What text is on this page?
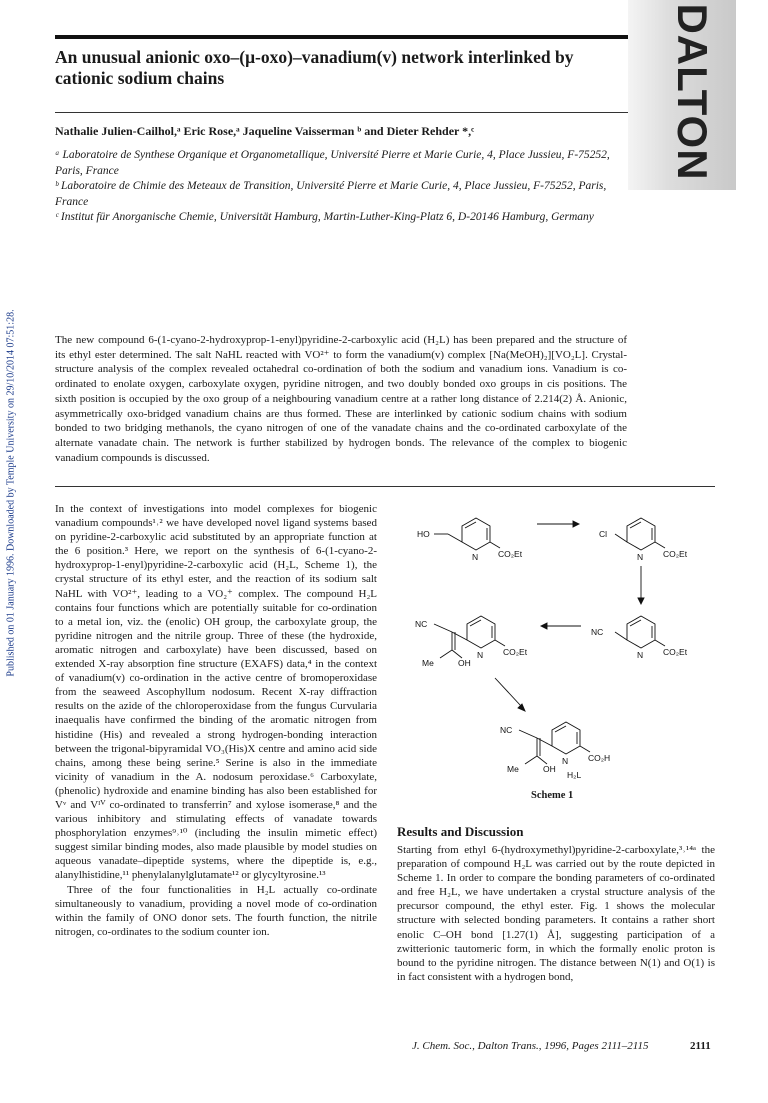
Published on 01 January 1996. Downloaded by Temple University on 29/10/2014 07:51:28.
DALTON
An unusual anionic oxo–(μ-oxo)–vanadium(v) network interlinked by cationic sodium chains
Nathalie Julien-Cailhol,ᵃ Eric Rose,ᵃ Jaqueline Vaisserman ᵇ and Dieter Rehder *,ᶜ

ᵃ Laboratoire de Synthese Organique et Organometallique, Université Pierre et Marie Curie, 4, Place Jussieu, F-75252, Paris, France

ᵇ Laboratoire de Chimie des Meteaux de Transition, Université Pierre et Marie Curie, 4, Place Jussieu, F-75252, Paris, France

ᶜ Institut für Anorganische Chemie, Universität Hamburg, Martin-Luther-King-Platz 6, D-20146 Hamburg, Germany

The new compound 6-(1-cyano-2-hydroxyprop-1-enyl)pyridine-2-carboxylic acid (H₂L) has been prepared and the structure of its ethyl ester determined. The salt NaHL reacted with VO²⁺ to form the vanadium(v) complex [Na(MeOH)₂][VO₂L]. Crystal-structure analysis of the complex revealed octahedral co-ordination of both the sodium and vanadium ions. Vanadium is co-ordinated to enolate oxygen, carboxylate oxygen, pyridine nitrogen, and two doubly bonded oxo groups in cis positions. The sixth position is occupied by the oxo group of a neighbouring vanadium centre at a rather long distance of 2.214(2) Å. Anionic, asymmetrically oxo-bridged vanadium chains are thus formed. These are interlinked by cationic sodium chains with sodium bonded to two bridging methanols, the cyano nitrogen of one of the vanadate chains and the co-ordinated carboxylate of the alternate vanadate chain. The network is further stabilized by hydrogen bonds. The relevance of the complex to biogenic vanadium compounds is discussed.

In the context of investigations into model complexes for biogenic vanadium compounds¹˒² we have developed novel ligand systems based on pyridine-2-carboxylic acid substituted by an appropriate function at the 6 position.³ Here, we report on the synthesis of 6-(1-cyano-2-hydroxyprop-1-enyl)pyridine-2-carboxylic acid (H₂L, Scheme 1), the crystal structure of its ethyl ester, and the reaction of its sodium salt NaHL with VO²⁺, leading to a VO₂⁺ complex. The compound H₂L contains four functions which are potentially suitable for co-ordination to a metal ion, viz. the (enolic) OH group, the carboxylate group, the pyridine nitrogen and the nitrile group. Three of these (the hydroxide, aromatic nitrogen and carboxylate) have been discussed, based on extended X-ray absorption fine structure (EXAFS) data,⁴ in the context of vanadium(v) co-ordination in the active centre of bromoperoxidase from the seaweed Ascophyllum nodosum. Recent X-ray diffraction results on the azide of the chloroperoxidase from the fungus Curvularia inaequalis have confirmed the binding of the aromatic nitrogen from histidine (His) and revealed a strong hydrogen-bonding interaction between the trigonal-bipyramidal VO₃(His)X centre and amino acid side chains, among these being serine.⁵ Serine is also in the immediate vicinity of vanadium in the A. nodosum peroxidase.⁶ Carboxylate, (phenolic) hydroxide and enamine binding has also been established for Vᵛ and Vᴵⱽ co-ordinated to transferrin⁷ and xylose isomerase,⁸ and the various inhibitory and stimulating effects of vanadate towards phosphorylation enzymes⁹˒¹⁰ (including the insulin mimetic effect) suggest similar binding modes, also made plausible by model studies on aqueous vanadate–dipeptide systems, where the dipeptide is, e.g., alanylhistidine,¹¹ phenylalanylglutamate¹² or glycyltyrosine.¹³

Three of the four functionalities in H₂L actually co-ordinate simultaneously to vanadium, providing a novel mode of co-ordination within the family of ONO donor sets. The fourth function, the nitrile nitrogen, co-ordinates to the sodium counter ion.

HO
N CO₂Et
Cl
N CO₂Et
NC
N CO₂Et
NC
N CO₂Et
Me	OH
NC
N CO₂H
Me	OH
H₂L
Scheme 1
Results and Discussion

Starting from ethyl 6-(hydroxymethyl)pyridine-2-carboxylate,³˒¹⁴ᵃ the preparation of compound H₂L was carried out by the route depicted in Scheme 1. In order to compare the bonding parameters of co-ordinated and free H₂L, we have undertaken a crystal structure analysis of the precursor compound, the ethyl ester. Fig. 1 shows the molecular structure with selected bonding parameters. It contains a rather short enolic C–OH bond [1.27(1) Å], suggesting participation of a zwitterionic tautomeric form, in which the formally enolic proton is bound to the pyridine nitrogen. The distance between N(1) and O(1) is in fact consistent with a hydrogen bond,

J. Chem. Soc., Dalton Trans., 1996, Pages 2111–2115	2111
